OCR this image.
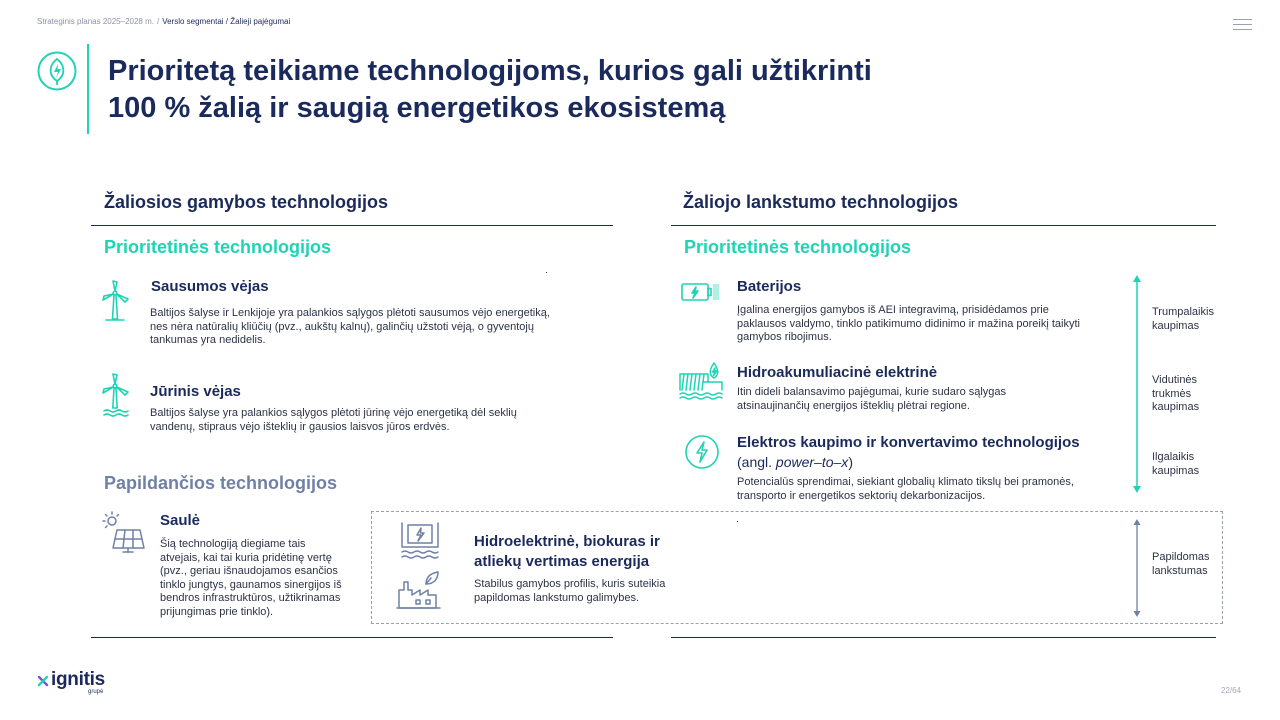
Strateginis planas 2025–2028 m. / Verslo segmentai / Žalieji pajėgumai
Prioritetą teikiame technologijoms, kurios gali užtikrinti
100 % žalią ir saugią energetikos ekosistemą
Žaliosios gamybos technologijos
Prioritetinės technologijos
Sausumos vėjas
Baltijos šalyse ir Lenkijoje yra palankios sąlygos plėtoti sausumos vėjo energetiką,
nes nėra natūralių kliūčių (pvz., aukštų kalnų), galinčių užstoti vėją, o gyventojų
tankumas yra nedidelis.
Jūrinis vėjas
Baltijos šalyse yra palankios sąlygos plėtoti jūrinę vėjo energetiką dėl seklių
vandenų, stipraus vėjo išteklių ir gausios laisvos jūros erdvės.
Papildančios technologijos
Saulė
Šią technologiją diegiame tais
atvejais, kai tai kuria pridėtinę vertę
(pvz., geriau išnaudojamos esančios
tinklo jungtys, gaunamos sinergijos iš
bendros infrastruktūros, užtikrinamas
prijungimas prie tinklo).
Hidroelektrinė, biokuras ir
atliekų vertimas energija
Stabilus gamybos profilis, kuris suteikia
papildomas lankstumo galimybes.
Žaliojo lankstumo technologijos
Prioritetinės technologijos
Baterijos
Įgalina energijos gamybos iš AEI integravimą, prisidėdamos prie
paklausos valdymo, tinklo patikimumo didinimo ir mažina poreikį taikyti
gamybos ribojimus.
Hidroakumuliacinė elektrinė
Itin dideli balansavimo pajėgumai, kurie sudaro sąlygas
atsinaujinančių energijos išteklių plėtrai regione.
Elektros kaupimo ir konvertavimo technologijos
(angl. power–to–x)
Potencialūs sprendimai, siekiant globalių klimato tikslų bei pramonės,
transporto ir energetikos sektorių dekarbonizacijos.
Trumpalaikis
kaupimas
Vidutinės
trukmės
kaupimas
Ilgalaikis
kaupimas
Papildomas
lankstumas
ignitis
grupė	22/64
